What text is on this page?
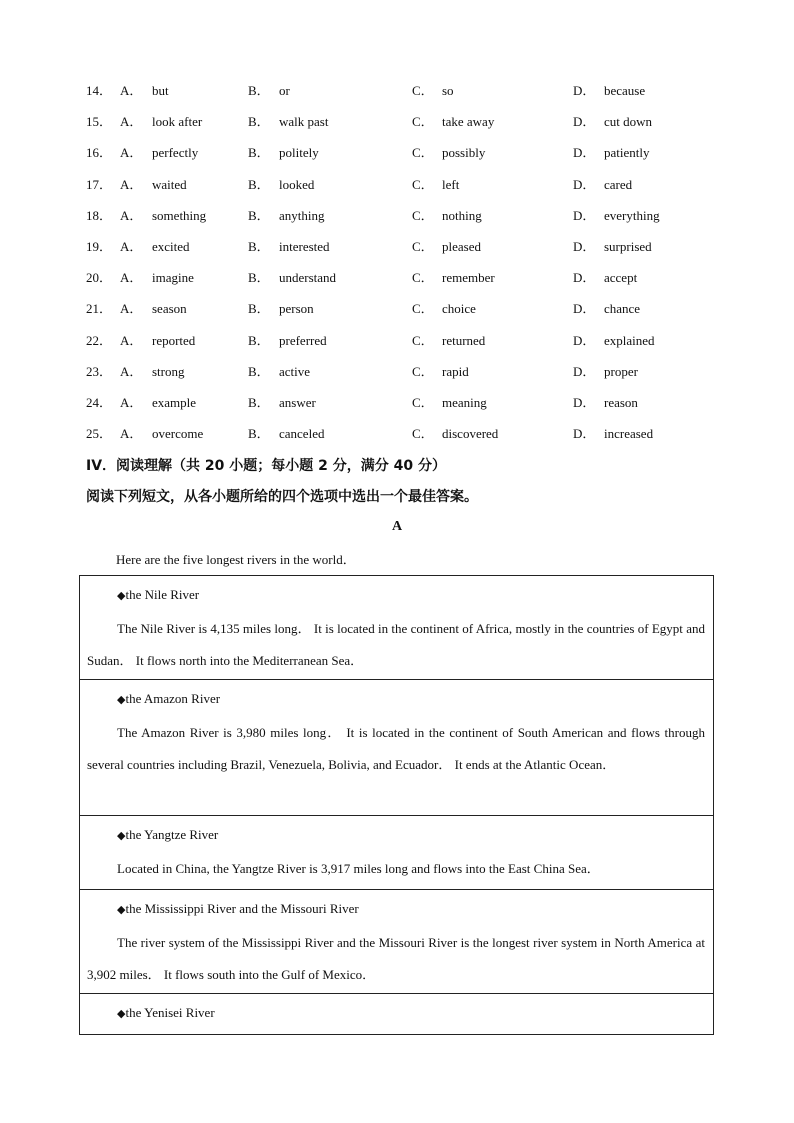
14． A． but	B． or	C． so	D． because
15． A． look after	B． walk past	C． take away	D． cut down
16． A． perfectly	B． politely	C． possibly	D． patiently
17． A． waited	B． looked	C． left	D． cared
18． A． something	B． anything	C． nothing	D． everything
19． A． excited	B． interested	C． pleased	D． surprised
20． A． imagine	B． understand	C． remember	D． accept
21． A． season	B． person	C． choice	D． chance
22． A． reported	B． preferred	C． returned	D． explained
23． A． strong	B． active	C． rapid	D． proper
24． A． example	B． answer	C． meaning	D． reason
25． A． overcome	B． canceled	C． discovered	D． increased
IV．阅读理解（共 20 小题；每小题 2 分，满分 40 分）
阅读下列短文，从各小题所给的四个选项中选出一个最佳答案。
A
Here are the five longest rivers in the world．
◆the Nile River
The Nile River is 4,135 miles long． It is located in the continent of Africa, mostly in the countries of Egypt and Sudan． It flows north into the Mediterranean Sea．
◆the Amazon River
The Amazon River is 3,980 miles long． It is located in the continent of South American and flows through several countries including Brazil, Venezuela, Bolivia, and Ecuador． It ends at the Atlantic Ocean．
◆the Yangtze River
Located in China, the Yangtze River is 3,917 miles long and flows into the East China Sea．
◆the Mississippi River and the Missouri River
The river system of the Mississippi River and the Missouri River is the longest river system in North America at 3,902 miles． It flows south into the Gulf of Mexico．
◆the Yenisei River
